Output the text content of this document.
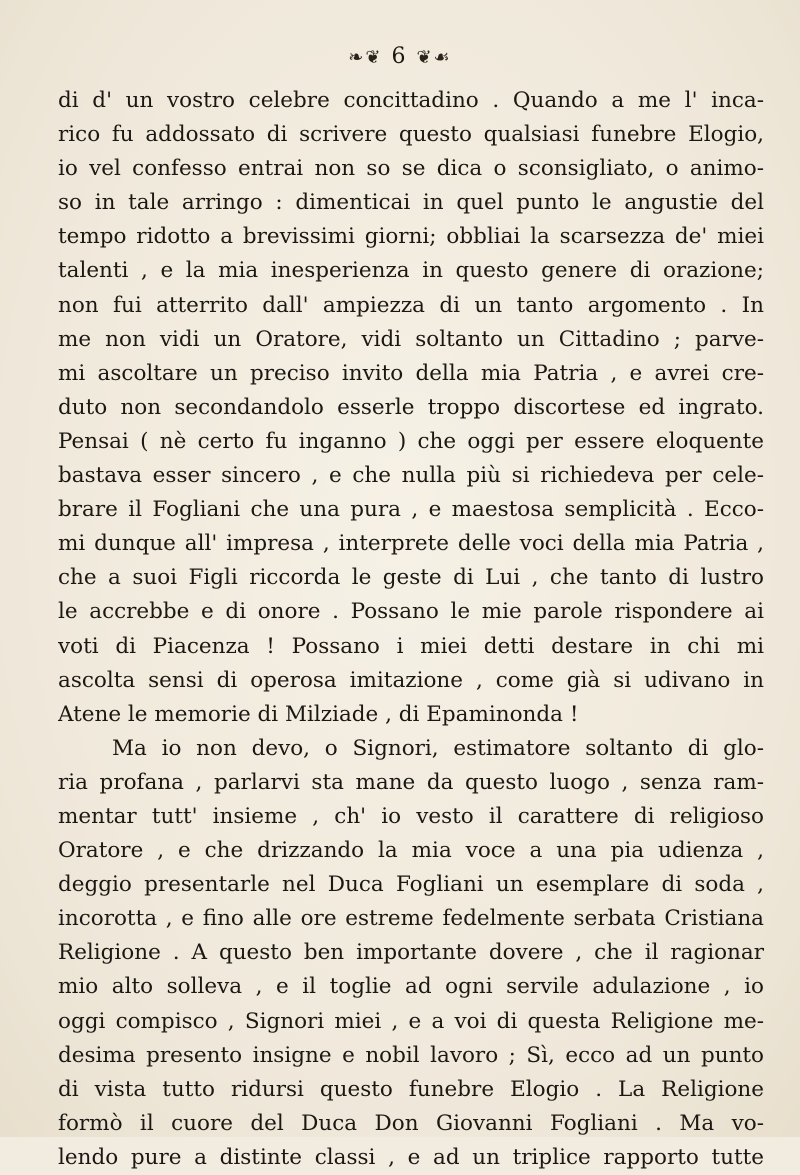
❧❦ 6 ❦☙
di d' un vostro celebre concittadino . Quando a me l' inca-
rico fu addossato di scrivere questo qualsiasi funebre Elogio,
io vel confesso entrai non so se dica o sconsigliato, o animo-
so in tale arringo : dimenticai in quel punto le angustie del
tempo ridotto a brevissimi giorni; obbliai la scarsezza de' miei
talenti , e la mia inesperienza in questo genere di orazione;
non fui atterrito dall' ampiezza di un tanto argomento . In
me non vidi un Oratore, vidi soltanto un Cittadino ; parve-
mi ascoltare un preciso invito della mia Patria , e avrei cre-
duto non secondandolo esserle troppo discortese ed ingrato.
Pensai ( nè certo fu inganno ) che oggi per essere eloquente
bastava esser sincero , e che nulla più si richiedeva per cele-
brare il Fogliani che una pura , e maestosa semplicità . Ecco-
mi dunque all' impresa , interprete delle voci della mia Patria ,
che a suoi Figli riccorda le geste di Lui , che tanto di lustro
le accrebbe e di onore . Possano le mie parole rispondere ai
voti di Piacenza ! Possano i miei detti destare in chi mi
ascolta sensi di operosa imitazione , come già si udivano in
Atene le memorie di Milziade , di Epaminonda !
Ma io non devo, o Signori, estimatore soltanto di glo-
ria profana , parlarvi sta mane da questo luogo , senza ram-
mentar tutt' insieme , ch' io vesto il carattere di religioso
Oratore , e che drizzando la mia voce a una pia udienza ,
deggio presentarle nel Duca Fogliani un esemplare di soda ,
incorotta , e fino alle ore estreme fedelmente serbata Cristiana
Religione . A questo ben importante dovere , che il ragionar
mio alto solleva , e il toglie ad ogni servile adulazione , io
oggi compisco , Signori miei , e a voi di questa Religione me-
desima presento insigne e nobil lavoro ; Sì, ecco ad un punto
di vista tutto ridursi questo funebre Elogio . La Religione
formò il cuore del Duca Don Giovanni Fogliani . Ma vo-
lendo pure a distinte classi , e ad un triplice rapporto tutte
